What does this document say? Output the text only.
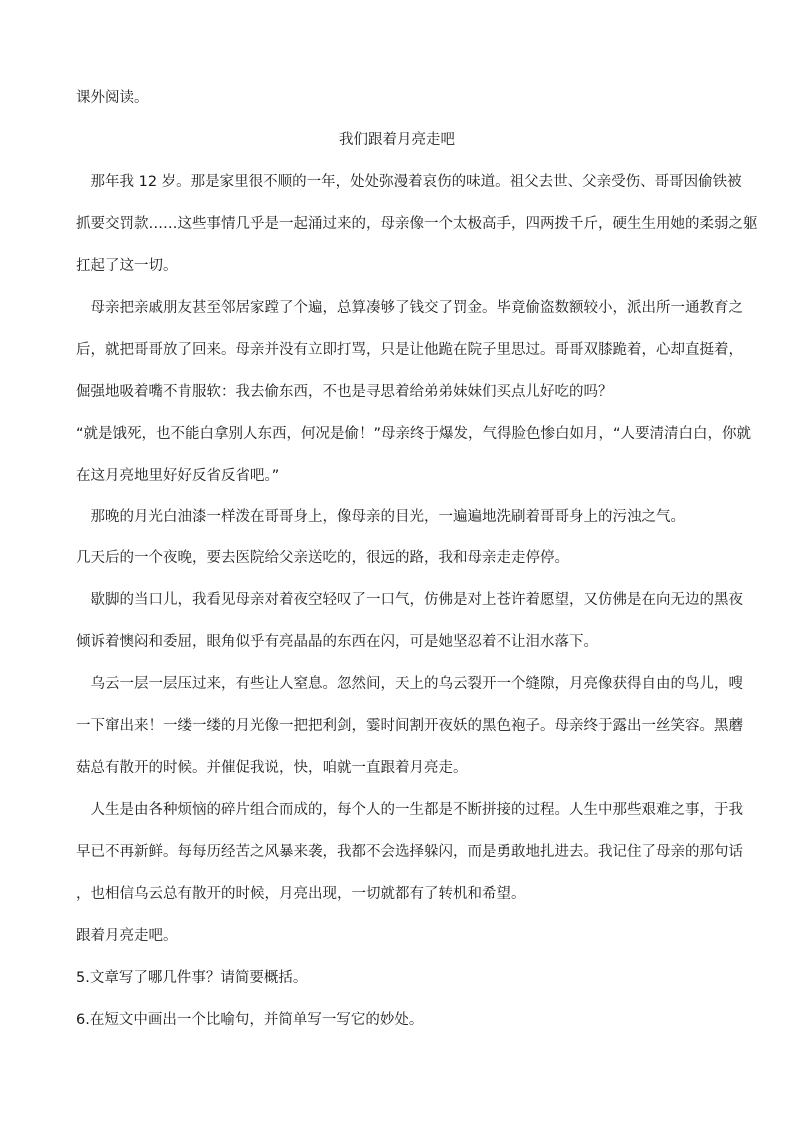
课外阅读。
我们跟着月亮走吧
　那年我 12 岁。那是家里很不顺的一年，处处弥漫着哀伤的味道。祖父去世、父亲受伤、哥哥因偷铁被
抓要交罚款……这些事情几乎是一起涌过来的，母亲像一个太极高手，四两拨千斤，硬生生用她的柔弱之躯
扛起了这一切。
　母亲把亲戚朋友甚至邻居家蹚了个遍，总算凑够了钱交了罚金。毕竟偷盗数额较小，派出所一通教育之
后，就把哥哥放了回来。母亲并没有立即打骂，只是让他跪在院子里思过。哥哥双膝跪着，心却直挺着，
倔强地吸着嘴不肯服软：我去偷东西，不也是寻思着给弟弟妹妹们买点儿好吃的吗？
“就是饿死，也不能白拿别人东西，何况是偷！”母亲终于爆发，气得脸色惨白如月，“人要清清白白，你就
在这月亮地里好好反省反省吧。”
　那晚的月光白油漆一样泼在哥哥身上，像母亲的目光，一遍遍地洗刷着哥哥身上的污浊之气。
几天后的一个夜晚，要去医院给父亲送吃的，很远的路，我和母亲走走停停。
　歇脚的当口儿，我看见母亲对着夜空轻叹了一口气，仿佛是对上苍许着愿望，又仿佛是在向无边的黑夜
倾诉着懊闷和委屈，眼角似乎有亮晶晶的东西在闪，可是她坚忍着不让泪水落下。
　乌云一层一层压过来，有些让人窒息。忽然间，天上的乌云裂开一个缝隙，月亮像获得自由的鸟儿，嗖
一下窜出来！一缕一缕的月光像一把把利剑，霎时间割开夜妖的黑色袍子。母亲终于露出一丝笑容。黑蘑
菇总有散开的时候。并催促我说，快，咱就一直跟着月亮走。
　人生是由各种烦恼的碎片组合而成的，每个人的一生都是不断拼接的过程。人生中那些艰难之事，于我
早已不再新鲜。每每历经苦之风暴来袭，我都不会选择躲闪，而是勇敢地扎进去。我记住了母亲的那句话
，也相信乌云总有散开的时候，月亮出现，一切就都有了转机和希望。
跟着月亮走吧。
5.文章写了哪几件事？请简要概括。
6.在短文中画出一个比喻句，并简单写一写它的妙处。
